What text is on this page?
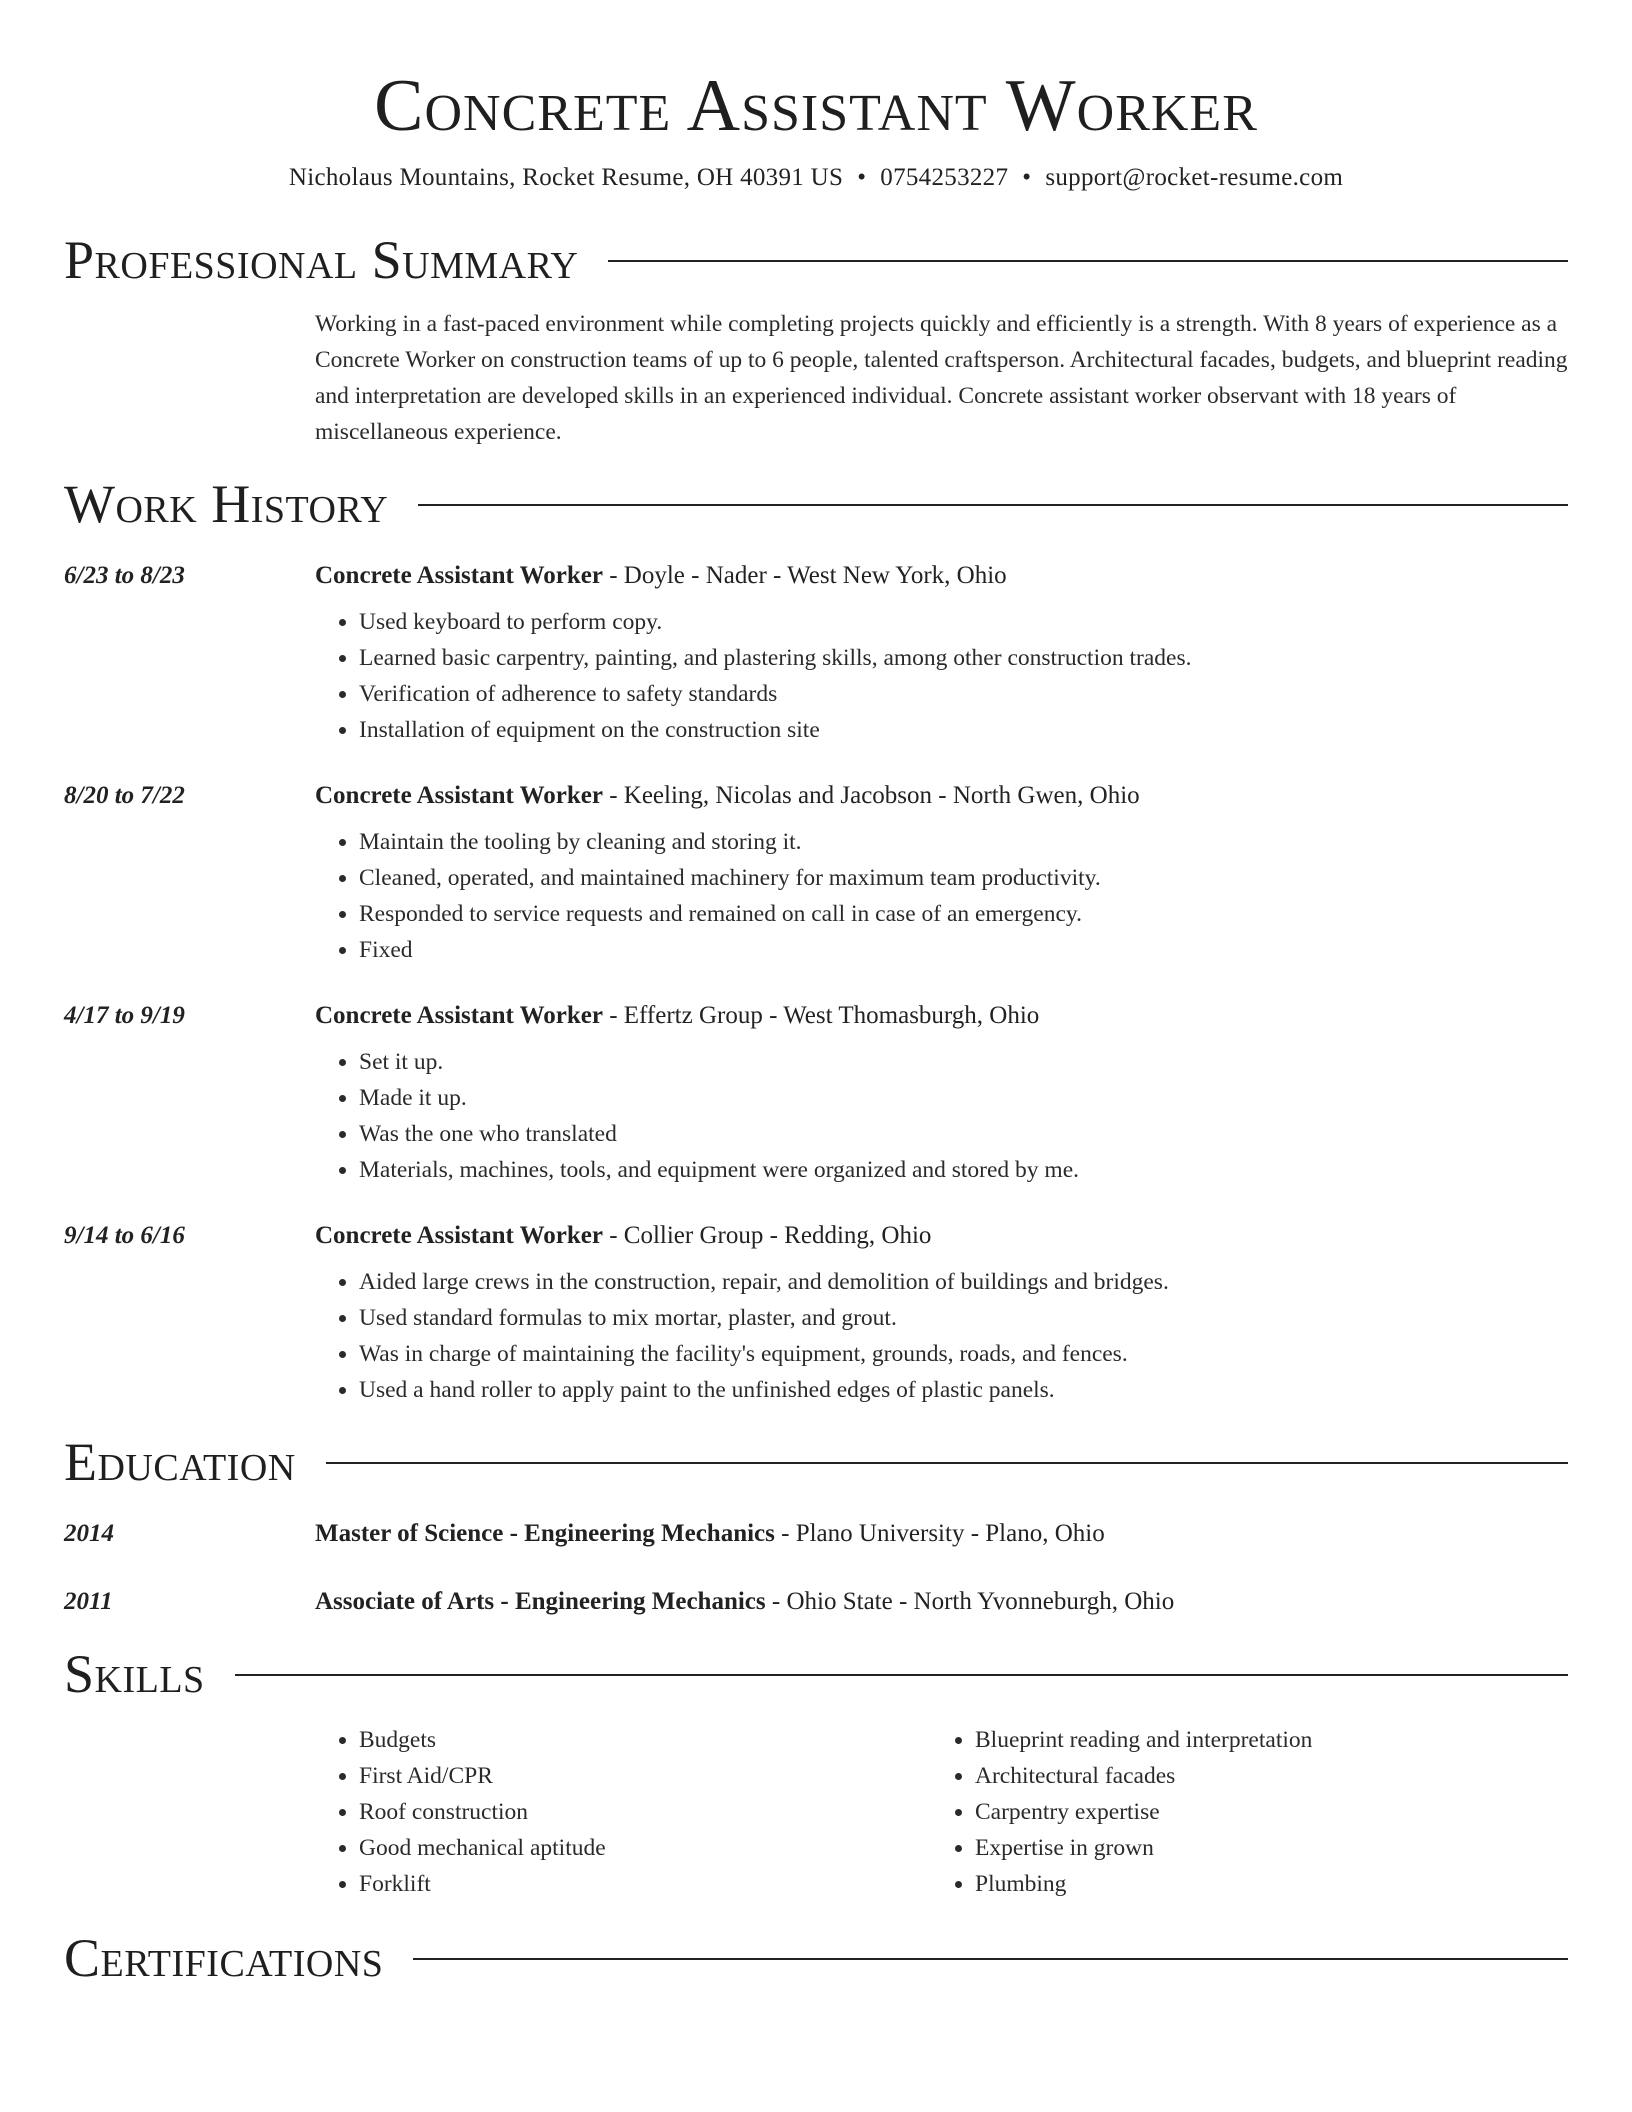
Concrete Assistant Worker
Nicholaus Mountains, Rocket Resume, OH 40391 US • 0754253227 • support@rocket-resume.com
Professional Summary
Working in a fast-paced environment while completing projects quickly and efficiently is a strength. With 8 years of experience as a Concrete Worker on construction teams of up to 6 people, talented craftsperson. Architectural facades, budgets, and blueprint reading and interpretation are developed skills in an experienced individual. Concrete assistant worker observant with 18 years of miscellaneous experience.
Work History
6/23 to 8/23	Concrete Assistant Worker - Doyle - Nader - West New York, Ohio
• Used keyboard to perform copy.
• Learned basic carpentry, painting, and plastering skills, among other construction trades.
• Verification of adherence to safety standards
• Installation of equipment on the construction site
8/20 to 7/22	Concrete Assistant Worker - Keeling, Nicolas and Jacobson - North Gwen, Ohio
• Maintain the tooling by cleaning and storing it.
• Cleaned, operated, and maintained machinery for maximum team productivity.
• Responded to service requests and remained on call in case of an emergency.
• Fixed
4/17 to 9/19	Concrete Assistant Worker - Effertz Group - West Thomasburgh, Ohio
• Set it up.
• Made it up.
• Was the one who translated
• Materials, machines, tools, and equipment were organized and stored by me.
9/14 to 6/16	Concrete Assistant Worker - Collier Group - Redding, Ohio
• Aided large crews in the construction, repair, and demolition of buildings and bridges.
• Used standard formulas to mix mortar, plaster, and grout.
• Was in charge of maintaining the facility's equipment, grounds, roads, and fences.
• Used a hand roller to apply paint to the unfinished edges of plastic panels.
Education
2014	Master of Science - Engineering Mechanics - Plano University - Plano, Ohio
2011	Associate of Arts - Engineering Mechanics - Ohio State - North Yvonneburgh, Ohio
Skills
• Budgets
• First Aid/CPR
• Roof construction
• Good mechanical aptitude
• Forklift
• Blueprint reading and interpretation
• Architectural facades
• Carpentry expertise
• Expertise in grown
• Plumbing
Certifications
